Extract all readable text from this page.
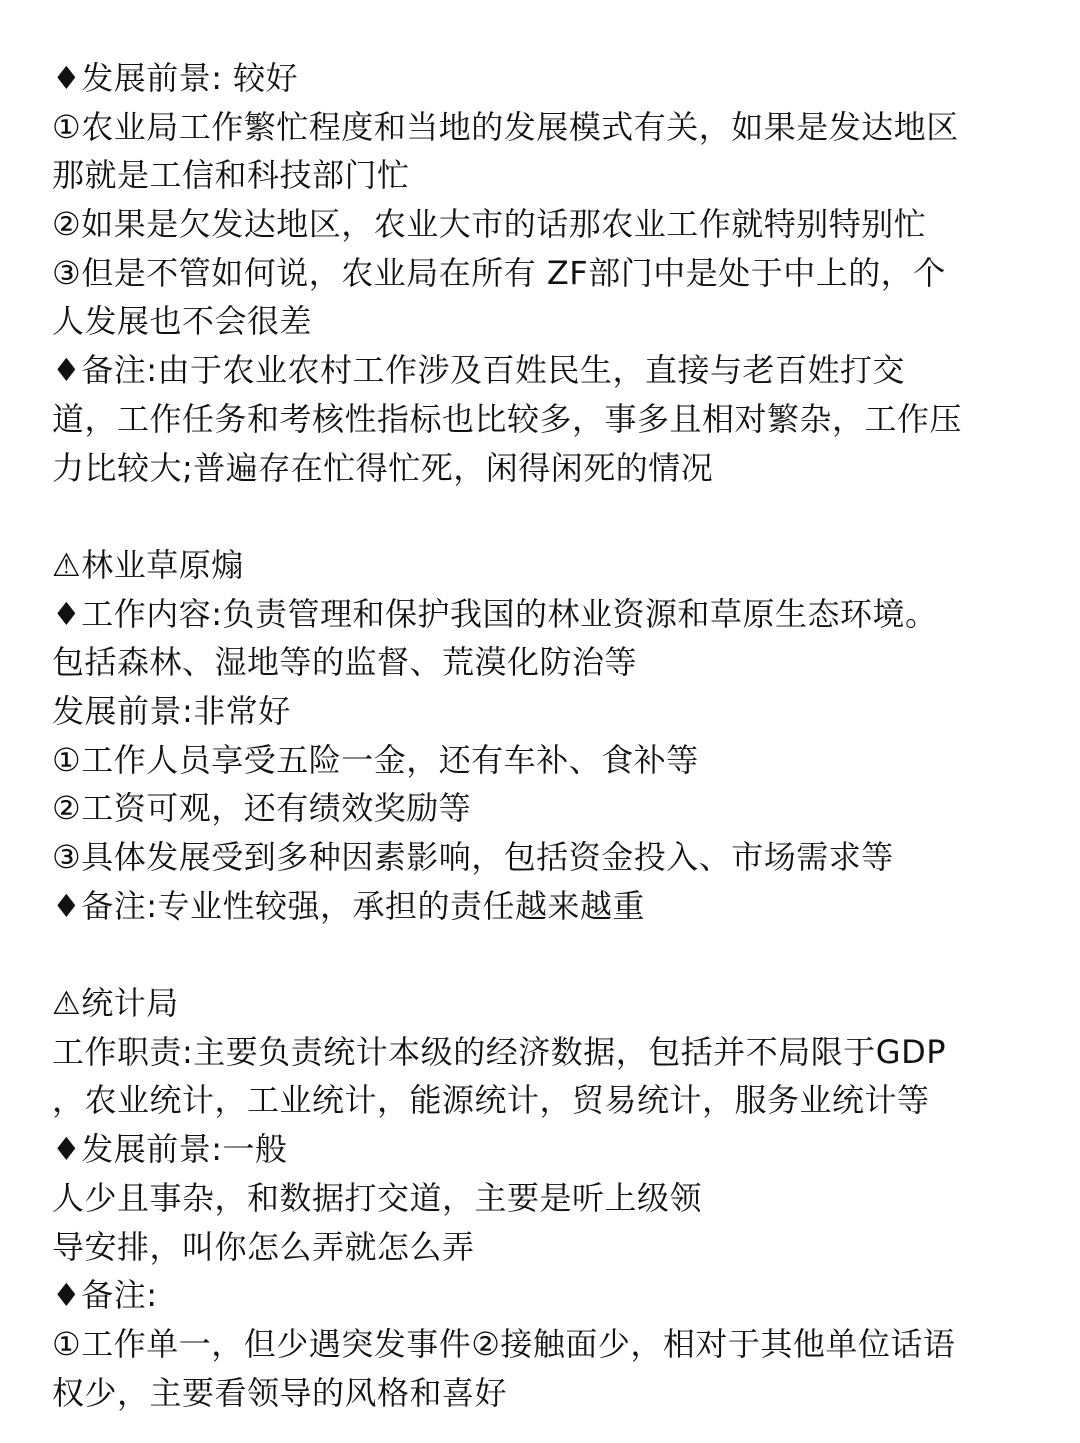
♦发展前景: 较好
①农业局工作繁忙程度和当地的发展模式有关，如果是发达地区
那就是工信和科技部门忙
②如果是欠发达地区，农业大市的话那农业工作就特别特别忙
③但是不管如何说，农业局在所有 ZF部门中是处于中上的，个
人发展也不会很差
♦备注:由于农业农村工作涉及百姓民生，直接与老百姓打交
道，工作任务和考核性指标也比较多，事多且相对繁杂，工作压
力比较大;普遍存在忙得忙死，闲得闲死的情况
⚠林业草原煽
♦工作内容:负责管理和保护我国的林业资源和草原生态环境。
包括森林、湿地等的监督、荒漠化防治等
发展前景:非常好
①工作人员享受五险一金，还有车补、食补等
②工资可观，还有绩效奖励等
③具体发展受到多种因素影响，包括资金投入、市场需求等
♦备注:专业性较强，承担的责任越来越重
⚠统计局
工作职责:主要负责统计本级的经济数据，包括并不局限于GDP
，农业统计，工业统计，能源统计，贸易统计，服务业统计等
♦发展前景:一般
人少且事杂，和数据打交道，主要是听上级领
导安排，叫你怎么弄就怎么弄
♦备注:
①工作单一，但少遇突发事件②接触面少，相对于其他单位话语
权少，主要看领导的风格和喜好
